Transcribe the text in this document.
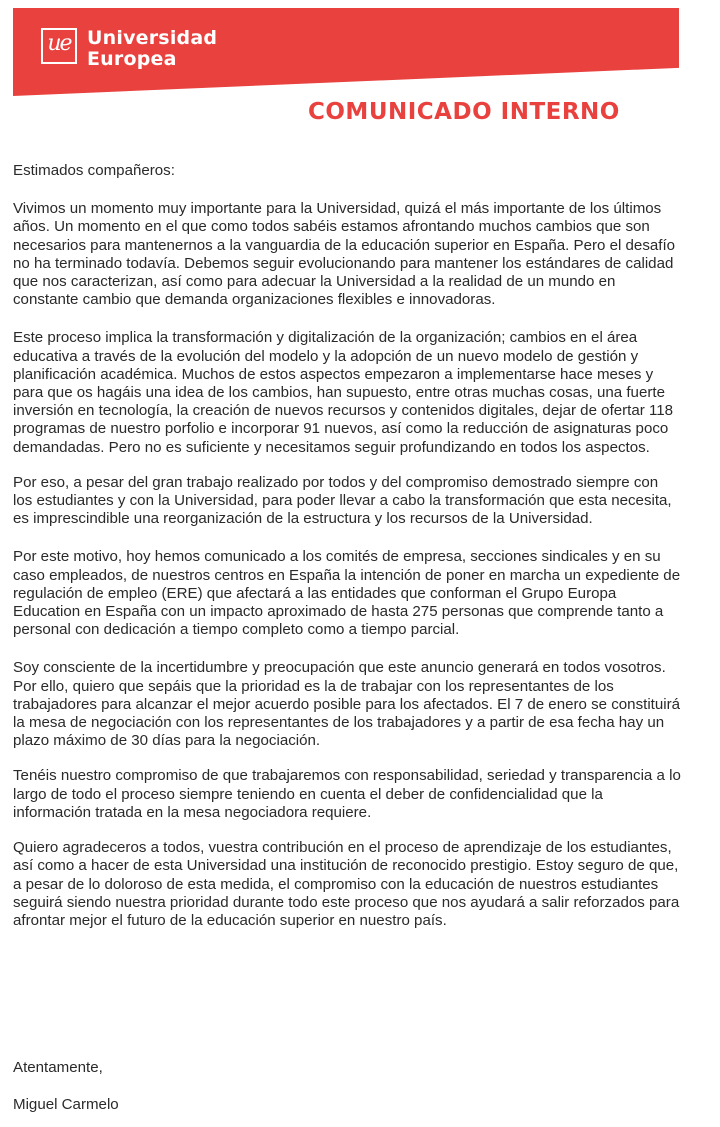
ue Universidad
Europea
COMUNICADO INTERNO

Estimados compañeros:

Vivimos un momento muy importante para la Universidad, quizá el más importante de los últimos años. Un momento en el que como todos sabéis estamos afrontando muchos cambios que son necesarios para mantenernos a la vanguardia de la educación superior en España. Pero el desafío no ha terminado todavía. Debemos seguir evolucionando para mantener los estándares de calidad que nos caracterizan, así como para adecuar la Universidad a la realidad de un mundo en constante cambio que demanda organizaciones flexibles e innovadoras.

Este proceso implica la transformación y digitalización de la organización; cambios en el área educativa a través de la evolución del modelo y la adopción de un nuevo modelo de gestión y planificación académica. Muchos de estos aspectos empezaron a implementarse hace meses y para que os hagáis una idea de los cambios, han supuesto, entre otras muchas cosas, una fuerte inversión en tecnología, la creación de nuevos recursos y contenidos digitales, dejar de ofertar 118 programas de nuestro porfolio e incorporar 91 nuevos, así como la reducción de asignaturas poco demandadas. Pero no es suficiente y necesitamos seguir profundizando en todos los aspectos.

Por eso, a pesar del gran trabajo realizado por todos y del compromiso demostrado siempre con los estudiantes y con la Universidad, para poder llevar a cabo la transformación que esta necesita, es imprescindible una reorganización de la estructura y los recursos de la Universidad.

Por este motivo, hoy hemos comunicado a los comités de empresa, secciones sindicales y en su caso empleados, de nuestros centros en España la intención de poner en marcha un expediente de regulación de empleo (ERE) que afectará a las entidades que conforman el Grupo Europa Education en España con un impacto aproximado de hasta 275 personas que comprende tanto a personal con dedicación a tiempo completo como a tiempo parcial.

Soy consciente de la incertidumbre y preocupación que este anuncio generará en todos vosotros. Por ello, quiero que sepáis que la prioridad es la de trabajar con los representantes de los trabajadores para alcanzar el mejor acuerdo posible para los afectados. El 7 de enero se constituirá la mesa de negociación con los representantes de los trabajadores y a partir de esa fecha hay un plazo máximo de 30 días para la negociación.

Tenéis nuestro compromiso de que trabajaremos con responsabilidad, seriedad y transparencia a lo largo de todo el proceso siempre teniendo en cuenta el deber de confidencialidad que la información tratada en la mesa negociadora requiere.

Quiero agradeceros a todos, vuestra contribución en el proceso de aprendizaje de los estudiantes, así como a hacer de esta Universidad una institución de reconocido prestigio. Estoy seguro de que, a pesar de lo doloroso de esta medida, el compromiso con la educación de nuestros estudiantes seguirá siendo nuestra prioridad durante todo este proceso que nos ayudará a salir reforzados para afrontar mejor el futuro de la educación superior en nuestro país.

Atentamente,

Miguel Carmelo
